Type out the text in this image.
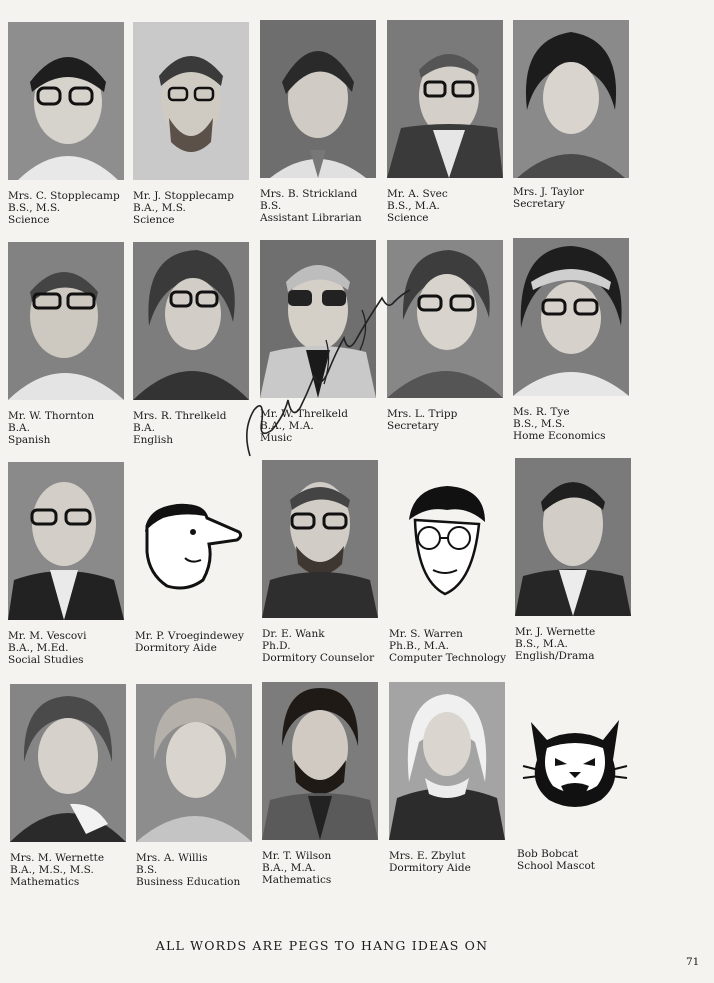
Mrs. C. Stopplecamp
B.S., M.S.
Science
Mr. J. Stopplecamp
B.A., M.S.
Science
Mrs. B. Strickland
B.S.
Assistant Librarian
Mr. A. Svec
B.S., M.A.
Science
Mrs. J. Taylor
Secretary
Mr. W. Thornton
B.A.
Spanish
Mrs. R. Threlkeld
B.A.
English
Mr. W. Threlkeld
B.A., M.A.
Music
Mrs. L. Tripp
Secretary
Ms. R. Tye
B.S., M.S.
Home Economics
Mr. M. Vescovi
B.A., M.Ed.
Social Studies
Mr. P. Vroegindewey
Dormitory Aide
Dr. E. Wank
Ph.D.
Dormitory Counselor
Mr. S. Warren
Ph.B., M.A.
Computer Technology
Mr. J. Wernette
B.S., M.A.
English/Drama
Mrs. M. Wernette
B.A., M.S., M.S.
Mathematics
Mrs. A. Willis
B.S.
Business Education
Mr. T. Wilson
B.A., M.A.
Mathematics
Mrs. E. Zbylut
Dormitory Aide
Bob Bobcat
School Mascot
ALL WORDS ARE PEGS TO HANG IDEAS ON
71
